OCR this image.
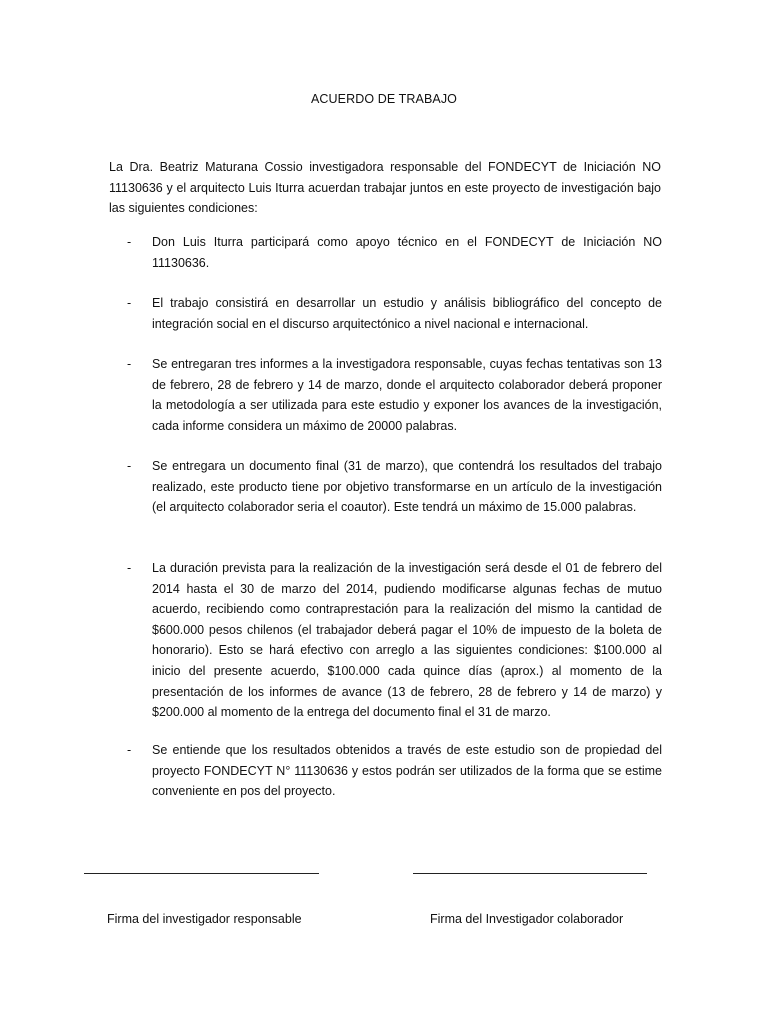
ACUERDO DE TRABAJO

La Dra. Beatriz Maturana Cossio investigadora responsable del FONDECYT de Iniciación NO 11130636 y el arquitecto Luis Iturra acuerdan trabajar juntos en este proyecto de investigación bajo las siguientes condiciones:

- Don Luis Iturra participará como apoyo técnico en el FONDECYT de Iniciación NO 11130636.
- El trabajo consistirá en desarrollar un estudio y análisis bibliográfico del concepto de integración social en el discurso arquitectónico a nivel nacional e internacional.
- Se entregaran tres informes a la investigadora responsable, cuyas fechas tentativas son 13 de febrero, 28 de febrero y 14 de marzo, donde el arquitecto colaborador deberá proponer la metodología a ser utilizada para este estudio y exponer los avances de la investigación, cada informe considera un máximo de 20000 palabras.
- Se entregara un documento final (31 de marzo), que contendrá los resultados del trabajo realizado, este producto tiene por objetivo transformarse en un artículo de la investigación (el arquitecto colaborador seria el coautor). Este tendrá un máximo de 15.000 palabras.
- La duración prevista para la realización de la investigación será desde el 01 de febrero del 2014 hasta el 30 de marzo del 2014, pudiendo modificarse algunas fechas de mutuo acuerdo, recibiendo como contraprestación para la realización del mismo la cantidad de $600.000 pesos chilenos (el trabajador deberá pagar el 10% de impuesto de la boleta de honorario). Esto se hará efectivo con arreglo a las siguientes condiciones: $100.000 al inicio del presente acuerdo, $100.000 cada quince días (aprox.) al momento de la presentación de los informes de avance (13 de febrero, 28 de febrero y 14 de marzo) y $200.000 al momento de la entrega del documento final el 31 de marzo.
- Se entiende que los resultados obtenidos a través de este estudio son de propiedad del proyecto FONDECYT N° 11130636 y estos podrán ser utilizados de la forma que se estime conveniente en pos del proyecto.
Firma del investigador responsable	Firma del Investigador colaborador
